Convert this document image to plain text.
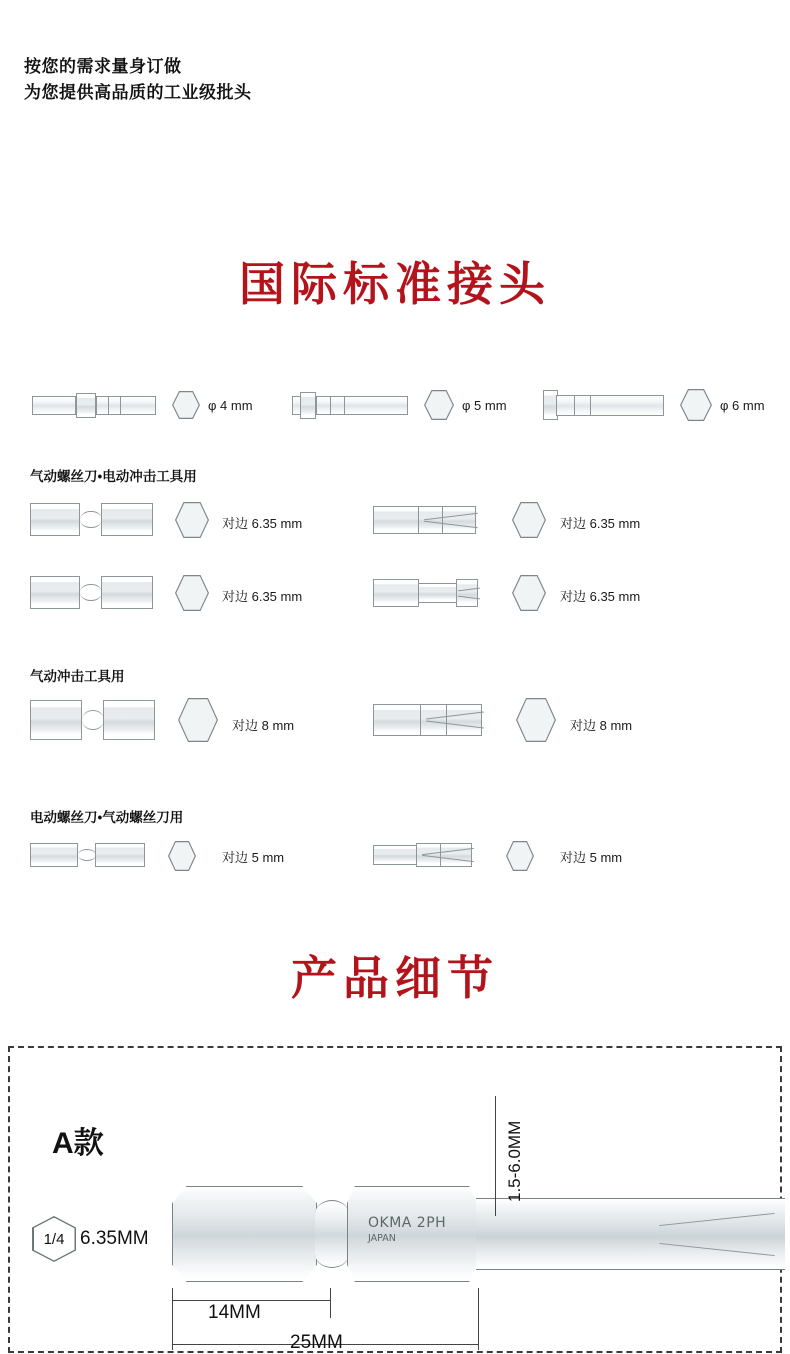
按您的需求量身订做
为您提供高品质的工业级批头
国际标准接头
φ 4 mm	φ 5 mm	φ 6 mm
气动螺丝刀•电动冲击工具用
对边 6.35 mm	对边 6.35 mm
对边 6.35 mm	对边 6.35 mm
气动冲击工具用
对边 8 mm	对边 8 mm
电动螺丝刀•气动螺丝刀用
对边 5 mm	对边 5 mm
产品细节
A款
1/4 6.35MM
OKMA 2PH
JAPAN
1.5-6.0MM
14MM
25MM
